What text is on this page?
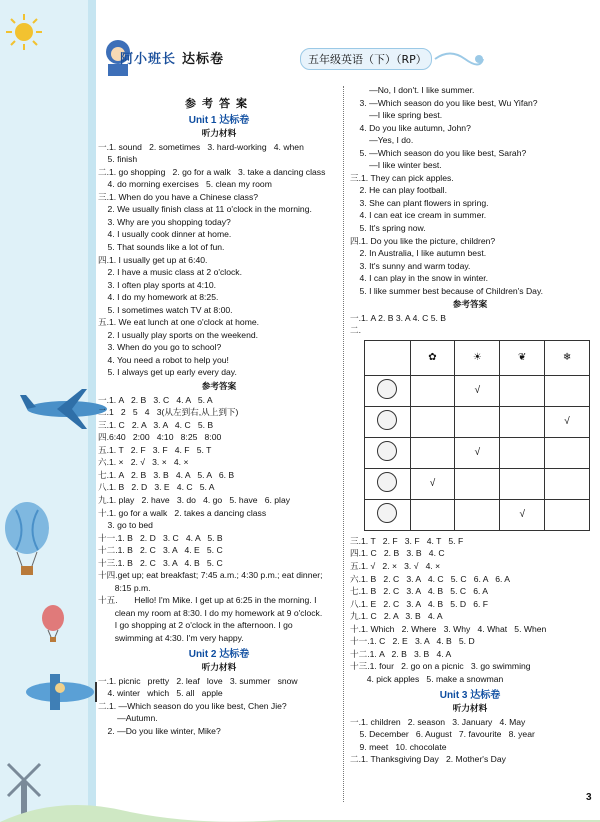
阿小班长 达标卷	五年级英语（下）（RP）
参考答案
Unit 1 达标卷
听力材料
一.1. sound   2. sometimes   3. hard-working   4. when
5. finish
二.1. go shopping   2. go for a walk   3. take a dancing class
4. do morning exercises   5. clean my room
三.1. When do you have a Chinese class?
2. We usually finish class at 11 o'clock in the morning.
3. Why are you shopping today?
4. I usually cook dinner at home.
5. That sounds like a lot of fun.
四.1. I usually get up at 6:40.
2. I have a music class at 2 o'clock.
3. I often play sports at 4:10.
4. I do my homework at 8:25.
5. I sometimes watch TV at 8:00.
五.1. We eat lunch at one o'clock at home.
2. I usually play sports on the weekend.
3. When do you go to school?
4. You need a robot to help you!
5. I always get up early every day.
参考答案
一.1. A   2. B   3. C   4. A   5. A
二.1   2   5   4   3(从左到右,从上到下)
三.1. C   2. A   3. A   4. C   5. B
四.6:40   2:00   4:10   8:25   8:00
五.1. T   2. F   3. F   4. F   5. T
六.1. ×   2. √   3. ×   4. ×
七.1. A   2. B   3. B   4. A   5. A   6. B
八.1. B   2. D   3. E   4. C   5. A
九.1. play   2. have   3. do   4. go   5. have   6. play
十.1. go for a walk   2. takes a dancing class
3. go to bed
十一.1. B   2. D   3. C   4. A   5. B
十二.1. B   2. C   3. A   4. E   5. C
十三.1. B   2. C   3. A   4. B   5. C
十四.get up; eat breakfast; 7:45 a.m.; 4:30 p.m.; eat dinner;
8:15 p.m.
十五.       Hello! I'm Mike. I get up at 6:25 in the morning. I
clean my room at 8:30. I do my homework at 9 o'clock.
I go shopping at 2 o'clock in the afternoon. I go
swimming at 4:30. I'm very happy.
Unit 2 达标卷
听力材料
一.1. picnic   pretty   2. leaf   love   3. summer   snow
4. winter   which   5. all   apple
二.1. —Which season do you like best, Chen Jie?
—Autumn.
2. —Do you like winter, Mike?
—No, I don't. I like summer.
3. —Which season do you like best, Wu Yifan?
—I like spring best.
4. Do you like autumn, John?
—Yes, I do.
5. —Which season do you like best, Sarah?
—I like winter best.
三.1. They can pick apples.
2. He can play football.
3. She can plant flowers in spring.
4. I can eat ice cream in summer.
5. It's spring now.
四.1. Do you like the picture, children?
2. In Australia, I like autumn best.
3. It's sunny and warm today.
4. I can play in the snow in winter.
5. I like summer best because of Children's Day.
参考答案
一.1. A 2. B 3. A 4. C 5. B
二.
	✿	☀	❦	❄
		√		
				√
		√		
	√			
			√	
三.1. T   2. F   3. F   4. T   5. F
四.1. C   2. B   3. B   4. C
五.1. √   2. ×   3. √   4. ×
六.1. B   2. C   3. A   4. C   5. C   6. A   6. A
七.1. B   2. C   3. A   4. B   5. C   6. A
八.1. E   2. C   3. A   4. B   5. D   6. F
九.1. C   2. A   3. B   4. A
十.1. Which   2. Where   3. Why   4. What   5. When
十一.1. C   2. E   3. A   4. B   5. D
十二.1. A   2. B   3. B   4. A
十三.1. four   2. go on a picnic   3. go swimming
4. pick apples   5. make a snowman
Unit 3 达标卷
听力材料
一.1. children   2. season   3. January   4. May
5. December   6. August   7. favourite   8. year
9. meet   10. chocolate
二.1. Thanksgiving Day   2. Mother's Day
3
